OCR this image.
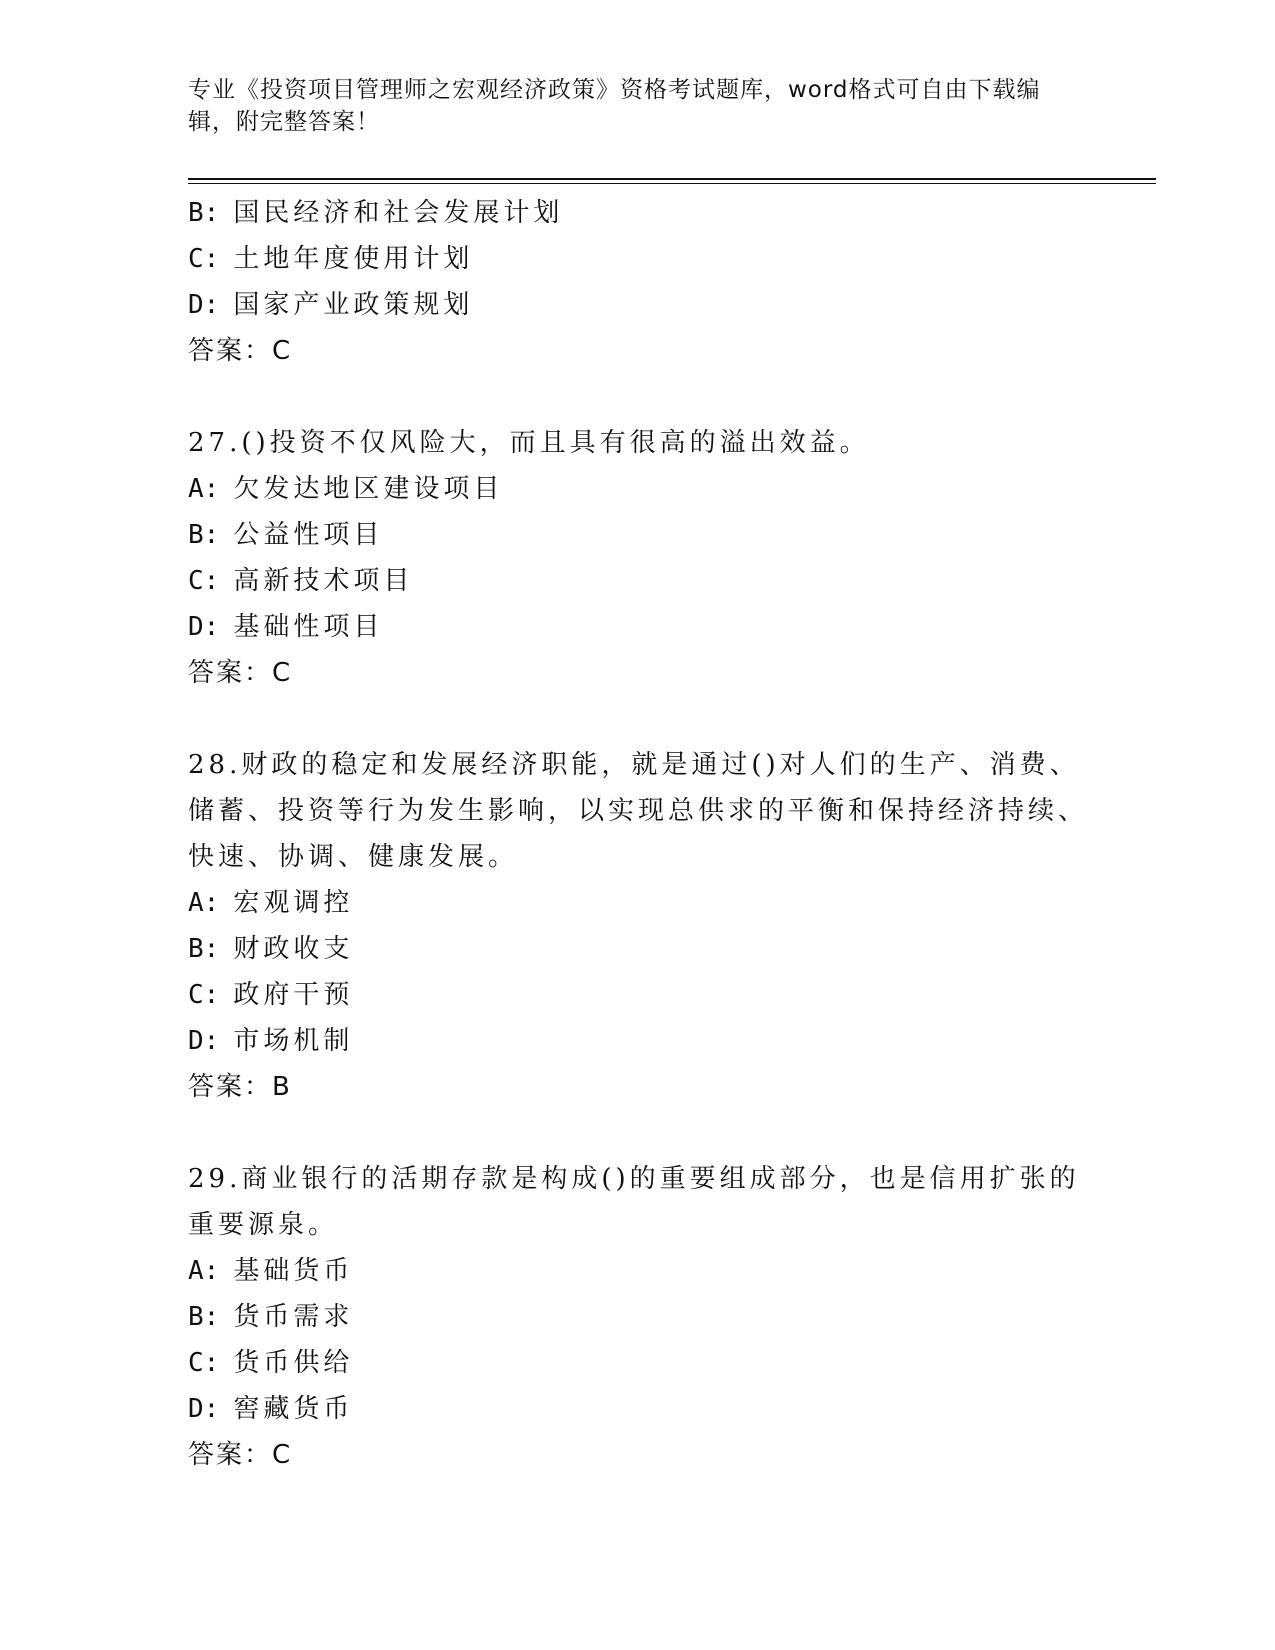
专业《投资项目管理师之宏观经济政策》资格考试题库，word格式可自由下载编辑，附完整答案！
B: 国民经济和社会发展计划
C: 土地年度使用计划
D: 国家产业政策规划
答案：C
27.()投资不仅风险大，而且具有很高的溢出效益。
A: 欠发达地区建设项目
B: 公益性项目
C: 高新技术项目
D: 基础性项目
答案：C
28.财政的稳定和发展经济职能，就是通过()对人们的生产、消费、储蓄、投资等行为发生影响，以实现总供求的平衡和保持经济持续、快速、协调、健康发展。
A: 宏观调控
B: 财政收支
C: 政府干预
D: 市场机制
答案：B
29.商业银行的活期存款是构成()的重要组成部分，也是信用扩张的重要源泉。
A: 基础货币
B: 货币需求
C: 货币供给
D: 窖藏货币
答案：C
